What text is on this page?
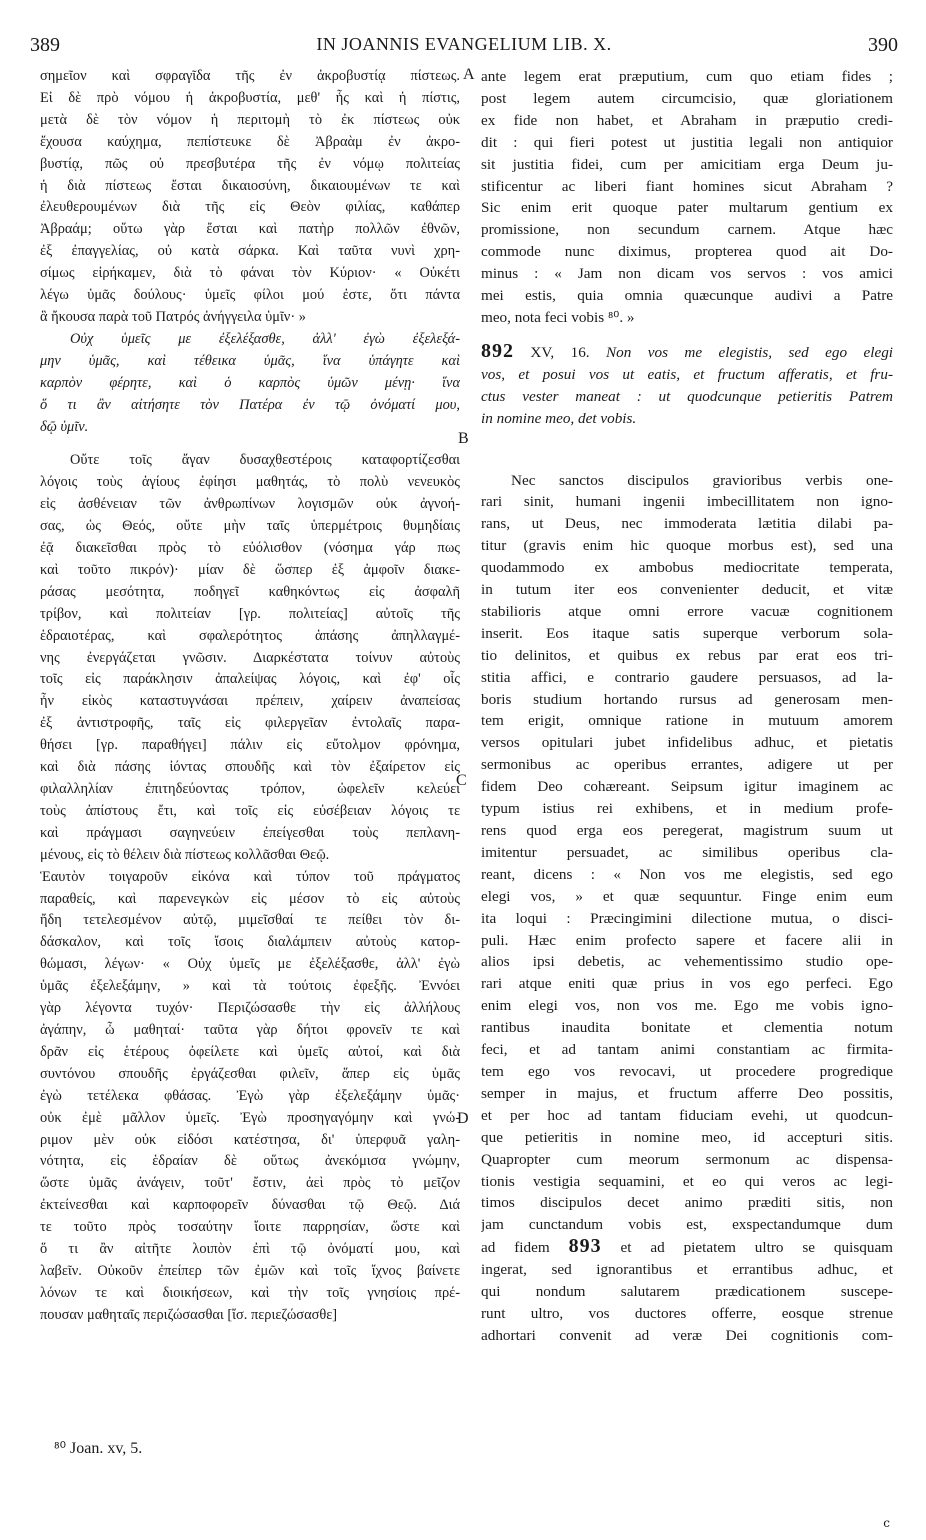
389	IN JOANNIS EVANGELIUM LIB. X.	390
A
B
C
D
σημεῖον καὶ σφραγῖδα τῆς ἐν ἀκροβυστίᾳ πίστεως.
Εἰ δὲ πρὸ νόμου ἡ ἀκροβυστία, μεθ' ἧς καὶ ἡ πίστις,
μετὰ δὲ τὸν νόμον ἡ περιτομὴ τὸ ἐκ πίστεως οὐκ
ἔχουσα καύχημα, πεπίστευκε δὲ Ἀβραὰμ ἐν ἀκρο-
βυστίᾳ, πῶς οὐ πρεσβυτέρα τῆς ἐν νόμῳ πολιτείας
ἡ διὰ πίστεως ἔσται δικαιοσύνη, δικαιουμένων τε καὶ
ἐλευθερουμένων διὰ τῆς εἰς Θεὸν φιλίας, καθάπερ
Ἀβραάμ; οὕτω γὰρ ἔσται καὶ πατὴρ πολλῶν ἐθνῶν,
ἐξ ἐπαγγελίας, οὐ κατὰ σάρκα. Καὶ ταῦτα νυνὶ χρη-
σίμως εἰρήκαμεν, διὰ τὸ φάναι τὸν Κύριον· « Οὐκέτι
λέγω ὑμᾶς δούλους· ὑμεῖς φίλοι μού ἐστε, ὅτι πάντα
ἃ ἤκουσα παρὰ τοῦ Πατρός ἀνήγγειλα ὑμῖν· »
Οὐχ ὑμεῖς με ἐξελέξασθε, ἀλλ' ἐγὼ ἐξελεξά-
μην ὑμᾶς, καὶ τέθεικα ὑμᾶς, ἵνα ὑπάγητε καὶ
καρπὸν φέρητε, καὶ ὁ καρπὸς ὑμῶν μένῃ· ἵνα
ὅ τι ἂν αἰτήσητε τὸν Πατέρα ἐν τῷ ὀνόματί μου,
δῷ ὑμῖν.
Οὔτε τοῖς ἄγαν δυσαχθεστέροις καταφορτίζεσθαι
λόγοις τοὺς ἁγίους ἐφίησι μαθητάς, τὸ πολὺ νενευκὸς
εἰς ἀσθένειαν τῶν ἀνθρωπίνων λογισμῶν οὐκ ἀγνοή-
σας, ὡς Θεός, οὔτε μὴν ταῖς ὑπερμέτροις θυμηδίαις
ἐᾷ διακεῖσθαι πρὸς τὸ εὐόλισθον (νόσημα γάρ πως
καὶ τοῦτο πικρόν)· μίαν δὲ ὥσπερ ἐξ ἀμφοῖν διακε-
ράσας μεσότητα, ποδηγεῖ καθηκόντως εἰς ἀσφαλῆ
τρίβον, καὶ πολιτείαν [γρ. πολιτείας] αὐτοῖς τῆς
ἑδραιοτέρας, καὶ σφαλερότητος ἁπάσης ἀπηλλαγμέ-
νης ἐνεργάζεται γνῶσιν. Διαρκέστατα τοίνυν αὐτοὺς
τοῖς εἰς παράκλησιν ἀπαλείψας λόγοις, καὶ ἐφ' οἷς
ἦν εἰκὸς καταστυγνάσαι πρέπειν, χαίρειν ἀναπείσας
ἐξ ἀντιστροφῆς, ταῖς εἰς φιλεργεῖαν ἐντολαῖς παρα-
θήσει [γρ. παραθήγει] πάλιν εἰς εὔτολμον φρόνημα,
καὶ διὰ πάσης ἰόντας σπουδῆς καὶ τὸν ἐξαίρετον εἰς
φιλαλληλίαν ἐπιτηδεύοντας τρόπον, ὠφελεῖν κελεύει
τοὺς ἀπίστους ἔτι, καὶ τοῖς εἰς εὐσέβειαν λόγοις τε
καὶ πράγμασι σαγηνεύειν ἐπείγεσθαι τοὺς πεπλανη-
μένους, εἰς τὸ θέλειν διὰ πίστεως κολλᾶσθαι Θεῷ.
Ἑαυτὸν τοιγαροῦν εἰκόνα καὶ τύπον τοῦ πράγματος
παραθείς, καὶ παρενεγκὼν εἰς μέσον τὸ εἰς αὐτοὺς
ἤδη τετελεσμένον αὐτῷ, μιμεῖσθαί τε πείθει τὸν δι-
δάσκαλον, καὶ τοῖς ἴσοις διαλάμπειν αὐτοὺς κατορ-
θώμασι, λέγων· « Οὐχ ὑμεῖς με ἐξελέξασθε, ἀλλ' ἐγὼ
ὑμᾶς ἐξελεξάμην, » καὶ τὰ τούτοις ἐφεξῆς. Ἐννόει
γὰρ λέγοντα τυχόν· Περιζώσασθε τὴν εἰς ἀλλήλους
ἀγάπην, ὦ μαθηταί· ταῦτα γὰρ δήτοι φρονεῖν τε καὶ
δρᾶν εἰς ἑτέρους ὀφείλετε καὶ ὑμεῖς αὐτοί, καὶ διὰ
συντόνου σπουδῆς ἐργάζεσθαι φιλεῖν, ἅπερ εἰς ὑμᾶς
ἐγὼ τετέλεκα φθάσας. Ἐγὼ γὰρ ἐξελεξάμην ὑμᾶς·
οὐκ ἐμὲ μᾶλλον ὑμεῖς. Ἐγὼ προσηγαγόμην καὶ γνώ-
ριμον μὲν οὐκ εἰδόσι κατέστησα, δι' ὑπερφυᾶ γαλη-
νότητα, εἰς ἑδραίαν δὲ οὕτως ἀνεκόμισα γνώμην,
ὥστε ὑμᾶς ἀνάγειν, τοῦτ' ἔστιν, ἀεὶ πρὸς τὸ μεῖζον
ἐκτείνεσθαι καὶ καρποφορεῖν δύνασθαι τῷ Θεῷ. Διά
τε τοῦτο πρὸς τοσαύτην ἴοιτε παρρησίαν, ὥστε καὶ
ὅ τι ἂν αἰτῆτε λοιπὸν ἐπὶ τῷ ὀνόματί μου, καὶ
λαβεῖν. Οὐκοῦν ἐπείπερ τῶν ἐμῶν καὶ τοῖς ἴχνος βαίνετε
λόνων τε καὶ διοικήσεων, καὶ τὴν τοῖς γνησίοις πρέ-
πουσαν μαθηταῖς περιζώσασθαι [ἴσ. περιεζώσασθε]
ante legem erat præputium, cum quo etiam fides ;
post legem autem circumcisio, quæ gloriationem
ex fide non habet, et Abraham in præputio credi-
dit : qui fieri potest ut justitia legali non antiquior
sit justitia fidei, cum per amicitiam erga Deum ju-
stificentur ac liberi fiant homines sicut Abraham ?
Sic enim erit quoque pater multarum gentium ex
promissione, non secundum carnem. Atque hæc
commode nunc diximus, propterea quod ait Do-
minus : « Jam non dicam vos servos : vos amici
mei estis, quia omnia quæcunque audivi a Patre
meo, nota feci vobis ⁸⁰. »
892 XV, 16. Non vos me elegistis, sed ego elegi
vos, et posui vos ut eatis, et fructum afferatis, et fru-
ctus vester maneat : ut quodcunque petieritis Patrem
in nomine meo, det vobis.
Nec sanctos discipulos gravioribus verbis one-
rari sinit, humani ingenii imbecillitatem non igno-
rans, ut Deus, nec immoderata lætitia dilabi pa-
titur (gravis enim hic quoque morbus est), sed una
quodammodo ex ambobus mediocritate temperata,
in tutum iter eos convenienter deducit, et vitæ
stabilioris atque omni errore vacuæ cognitionem
inserit. Eos itaque satis superque verborum sola-
tio delinitos, et quibus ex rebus par erat eos tri-
stitia affici, e contrario gaudere persuasos, ad la-
boris studium hortando rursus ad generosam men-
tem erigit, omnique ratione in mutuum amorem
versos opitulari jubet infidelibus adhuc, et pietatis
sermonibus ac operibus errantes, adigere ut per
fidem Deo cohæreant. Seipsum igitur imaginem ac
typum istius rei exhibens, et in medium profe-
rens quod erga eos peregerat, magistrum suum ut
imitentur persuadet, ac similibus operibus cla-
reant, dicens : « Non vos me elegistis, sed ego
elegi vos, » et quæ sequuntur. Finge enim eum
ita loqui : Præcingimini dilectione mutua, o disci-
puli. Hæc enim profecto sapere et facere alii in
alios ipsi debetis, ac vehementissimo studio ope-
rari atque eniti quæ prius in vos ego perfeci. Ego
enim elegi vos, non vos me. Ego me vobis igno-
rantibus inaudita bonitate et clementia notum
feci, et ad tantam animi constantiam ac firmita-
tem ego vos revocavi, ut procedere progredique
semper in majus, et fructum afferre Deo possitis,
et per hoc ad tantam fiduciam evehi, ut quodcun-
que petieritis in nomine meo, id accepturi sitis.
Quapropter cum meorum sermonum ac dispensa-
tionis vestigia sequamini, et eo qui veros ac legi-
timos discipulos decet animo præditi sitis, non
jam cunctandum vobis est, exspectandumque dum
ad fidem 893 et ad pietatem ultro se quisquam
ingerat, sed ignorantibus et errantibus adhuc, et
qui nondum salutarem prædicationem suscepe-
runt ultro, vos ductores offerre, eosque strenue
adhortari convenit ad veræ Dei cognitionis com-
⁸⁰ Joan. xv, 5.
c
